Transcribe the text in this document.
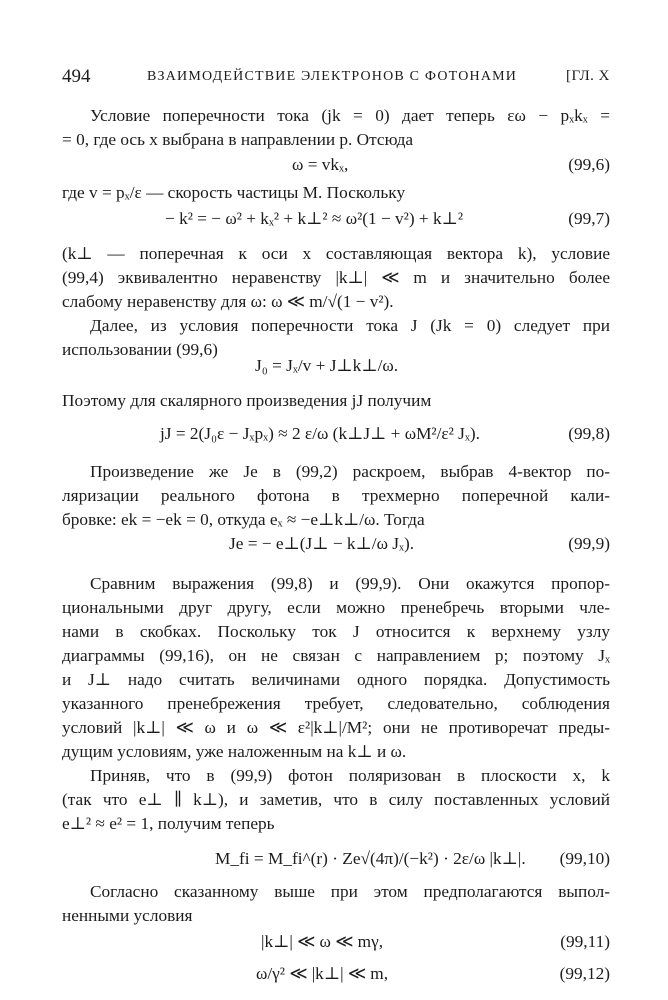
494	ВЗАИМОДЕЙСТВИЕ ЭЛЕКТРОНОВ С ФОТОНАМИ	[ГЛ. X
Условие поперечности тока (jk = 0) дает теперь εω − pₓkₓ =
= 0, где ось x выбрана в направлении p. Отсюда
ω = vkₓ,	(99,6)
где v = pₓ/ε — скорость частицы M. Поскольку
− k² = − ω² + kₓ² + k⊥² ≈ ω²(1 − v²) + k⊥²	(99,7)
(k⊥ — поперечная к оси x составляющая вектора k), условие
(99,4) эквивалентно неравенству |k⊥| ≪ m и значительно более
слабому неравенству для ω: ω ≪ m/√(1 − v²).
Далее, из условия поперечности тока J (Jk = 0) следует при
использовании (99,6)
J₀ = Jₓ/v + J⊥k⊥/ω.
Поэтому для скалярного произведения jJ получим
jJ = 2(J₀ε − Jₓpₓ) ≈ 2 ε/ω (k⊥J⊥ + ωM²/ε² Jₓ).	(99,8)
Произведение же Je в (99,2) раскроем, выбрав 4-вектор по-
ляризации реального фотона в трехмерно поперечной кали-
бровке: ek = −ek = 0, откуда eₓ ≈ −e⊥k⊥/ω. Тогда
Je = − e⊥(J⊥ − k⊥/ω Jₓ).	(99,9)
Сравним выражения (99,8) и (99,9). Они окажутся пропор-
циональными друг другу, если можно пренебречь вторыми чле-
нами в скобках. Поскольку ток J относится к верхнему узлу
диаграммы (99,16), он не связан с направлением p; поэтому Jₓ
и J⊥ надо считать величинами одного порядка. Допустимость
указанного пренебрежения требует, следовательно, соблюдения
условий |k⊥| ≪ ω и ω ≪ ε²|k⊥|/M²; они не противоречат преды-
дущим условиям, уже наложенным на k⊥ и ω.
Приняв, что в (99,9) фотон поляризован в плоскости x, k
(так что e⊥ ∥ k⊥), и заметив, что в силу поставленных условий
e⊥² ≈ e² = 1, получим теперь
M_fi = M_fi^(r) · Ze√(4π)/(−k²) · 2ε/ω |k⊥|. (99,10)
Согласно сказанному выше при этом предполагаются выпол-
ненными условия
|k⊥| ≪ ω ≪ mγ,	(99,11)
ω/γ² ≪ |k⊥| ≪ m,	(99,12)
